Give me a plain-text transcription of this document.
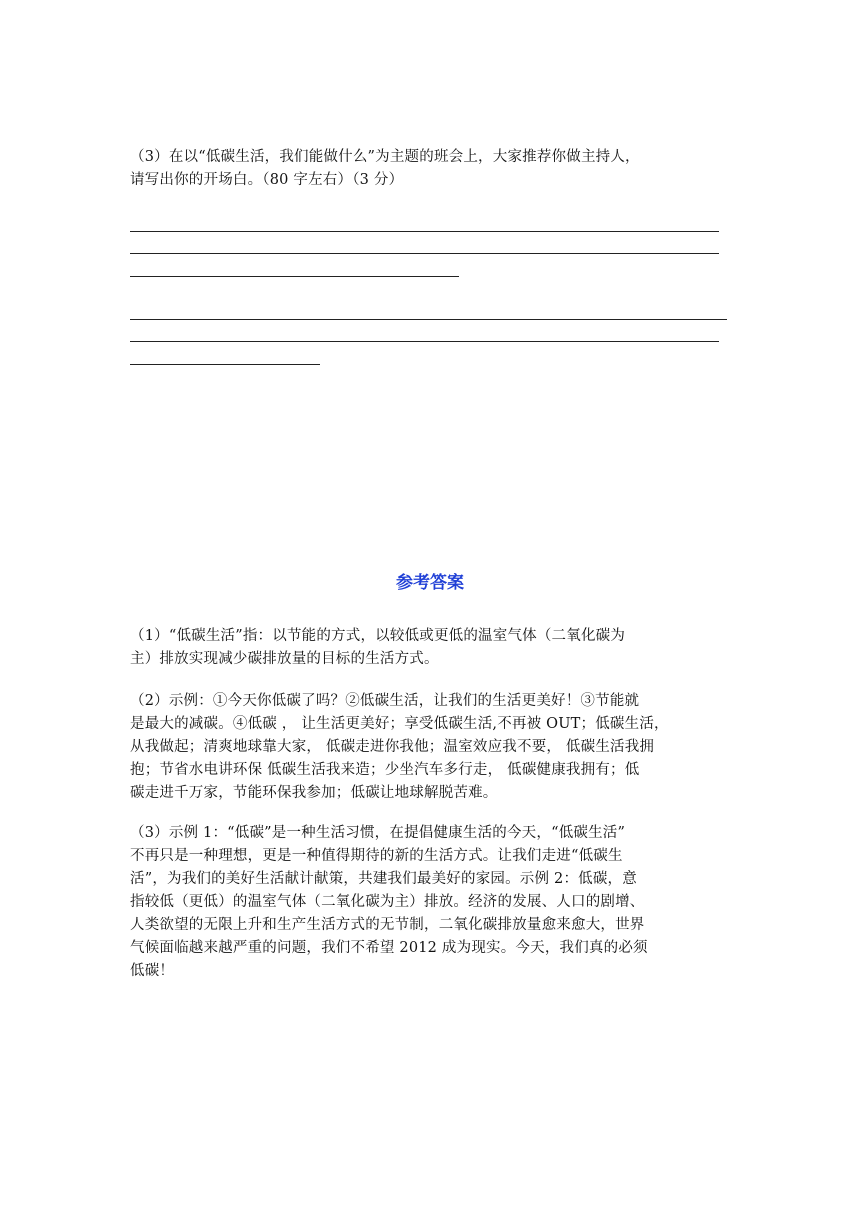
（3）在以“低碳生活，我们能做什么”为主题的班会上，大家推荐你做主持人，
请写出你的开场白。（80 字左右）（3 分）
参考答案
（1）“低碳生活”指：以节能的方式，以较低或更低的温室气体（二氧化碳为
主）排放实现减少碳排放量的目标的生活方式。
（2）示例：①今天你低碳了吗？②低碳生活，让我们的生活更美好！③节能就
是最大的减碳。④低碳 ， 让生活更美好；享受低碳生活,不再被 OUT；低碳生活，
从我做起；清爽地球靠大家， 低碳走进你我他；温室效应我不要， 低碳生活我拥
抱；节省水电讲环保 低碳生活我来造；少坐汽车多行走， 低碳健康我拥有；低
碳走进千万家，节能环保我参加；低碳让地球解脱苦难。
（3）示例 1：“低碳”是一种生活习惯，在提倡健康生活的今天，“低碳生活”
不再只是一种理想，更是一种值得期待的新的生活方式。让我们走进“低碳生
活”，为我们的美好生活献计献策，共建我们最美好的家园。示例 2：低碳，意
指较低（更低）的温室气体（二氧化碳为主）排放。经济的发展、人口的剧增、
人类欲望的无限上升和生产生活方式的无节制，二氧化碳排放量愈来愈大，世界
气候面临越来越严重的问题，我们不希望 2012 成为现实。今天，我们真的必须
低碳！
